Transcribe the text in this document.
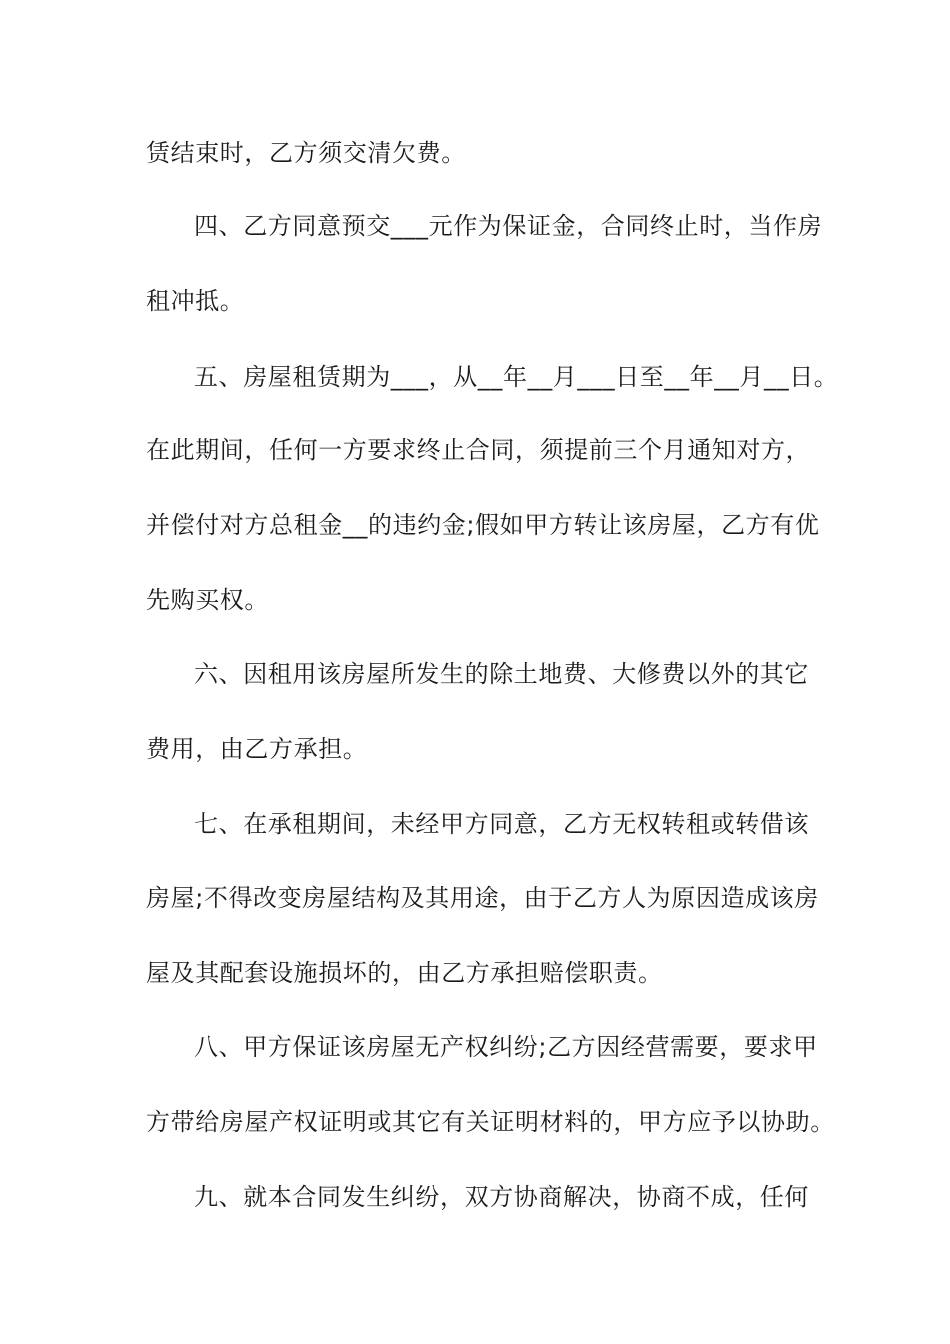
赁结束时，乙方须交清欠费。
四、乙方同意预交___元作为保证金，合同终止时，当作房
租冲抵。
五、房屋租赁期为___，从__年__月___日至__年__月__日。
在此期间，任何一方要求终止合同，须提前三个月通知对方，
并偿付对方总租金__的违约金;假如甲方转让该房屋，乙方有优
先购买权。
六、因租用该房屋所发生的除土地费、大修费以外的其它
费用，由乙方承担。
七、在承租期间，未经甲方同意，乙方无权转租或转借该
房屋;不得改变房屋结构及其用途，由于乙方人为原因造成该房
屋及其配套设施损坏的，由乙方承担赔偿职责。
八、甲方保证该房屋无产权纠纷;乙方因经营需要，要求甲
方带给房屋产权证明或其它有关证明材料的，甲方应予以协助。
九、就本合同发生纠纷，双方协商解决，协商不成，任何
